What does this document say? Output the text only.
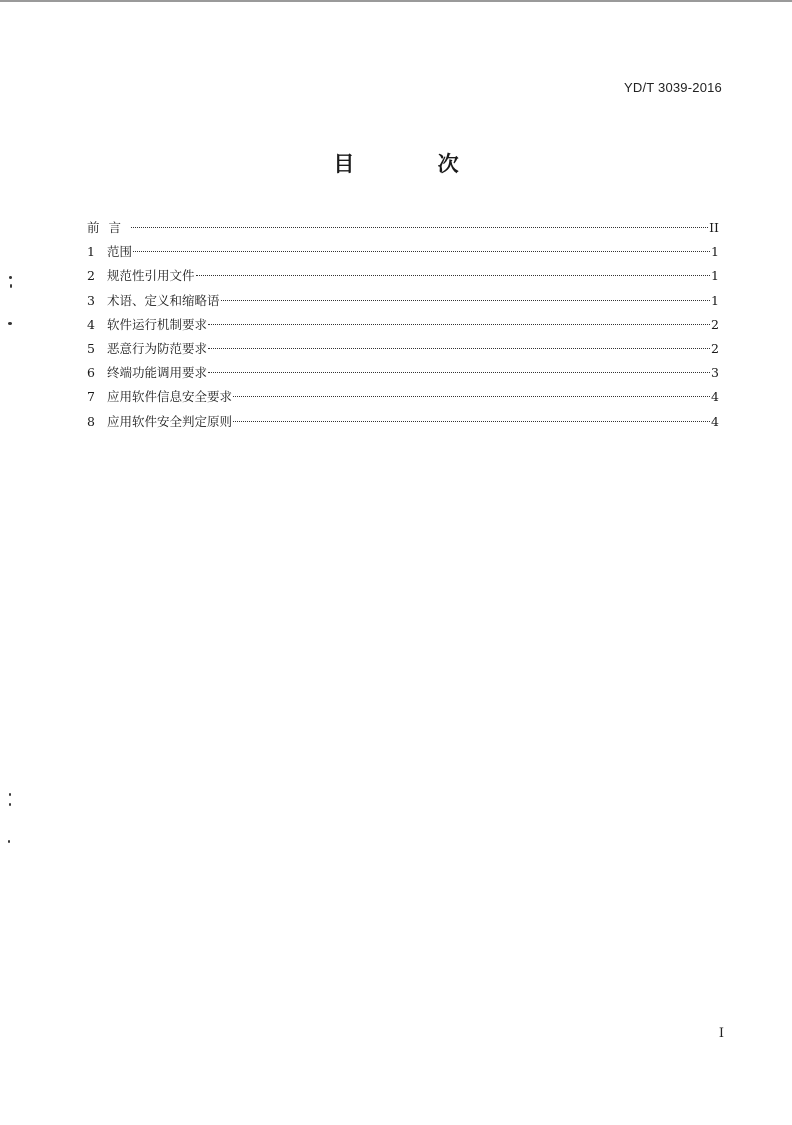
YD/T 3039-2016
目 次
前言	II
1 范围	1
2 规范性引用文件	1
3 术语、定义和缩略语	1
4 软件运行机制要求	2
5 恶意行为防范要求	2
6 终端功能调用要求	3
7 应用软件信息安全要求	4
8 应用软件安全判定原则	4
I
